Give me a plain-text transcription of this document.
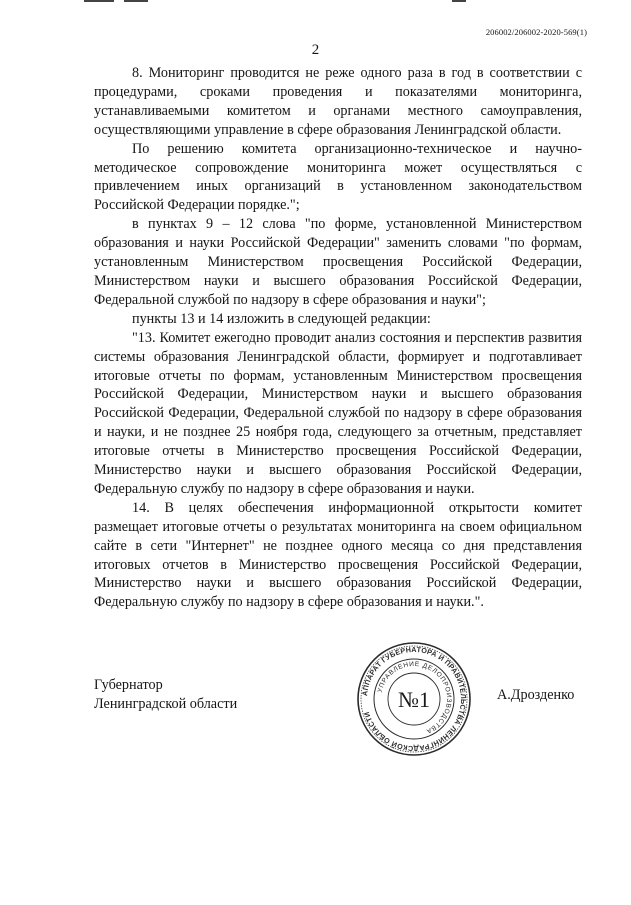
206002/206002-2020-569(1)
2

8. Мониторинг проводится не реже одного раза в год в соответствии с процедурами, сроками проведения и показателями мониторинга, устанавливаемыми комитетом и органами местного самоуправления, осуществляющими управление в сфере образования Ленинградской области.

По решению комитета организационно-техническое и научно-методическое сопровождение мониторинга может осуществляться с привлечением иных организаций в установленном законодательством Российской Федерации порядке.";

в пунктах 9 – 12 слова "по форме, установленной Министерством образования и науки Российской Федерации" заменить словами "по формам, установленным Министерством просвещения Российской Федерации, Министерством науки и высшего образования Российской Федерации, Федеральной службой по надзору в сфере образования и науки";

пункты 13 и 14 изложить в следующей редакции:

"13. Комитет ежегодно проводит анализ состояния и перспектив развития системы образования Ленинградской области, формирует и подготавливает итоговые отчеты по формам, установленным Министерством просвещения Российской Федерации, Министерством науки и высшего образования Российской Федерации, Федеральной службой по надзору в сфере образования и науки, и не позднее 25 ноября года, следующего за отчетным, представляет итоговые отчеты в Министерство просвещения Российской Федерации, Министерство науки и высшего образования Российской Федерации, Федеральную службу по надзору в сфере образования и науки.

14. В целях обеспечения информационной открытости комитет размещает итоговые отчеты о результатах мониторинга на своем официальном сайте в сети "Интернет" не позднее одного месяца со дня представления итоговых отчетов в Министерство просвещения Российской Федерации, Министерство науки и высшего образования Российской Федерации, Федеральную службу по надзору в сфере образования и науки.".

Губернатор
Ленинградской области
А.Дрозденко
АППАРАТ ГУБЕРНАТОРА И ПРАВИТЕЛЬСТВА ЛЕНИНГРАДСКОЙ ОБЛАСТИ
УПРАВЛЕНИЕ ДЕЛОПРОИЗВОДСТВА
№1
